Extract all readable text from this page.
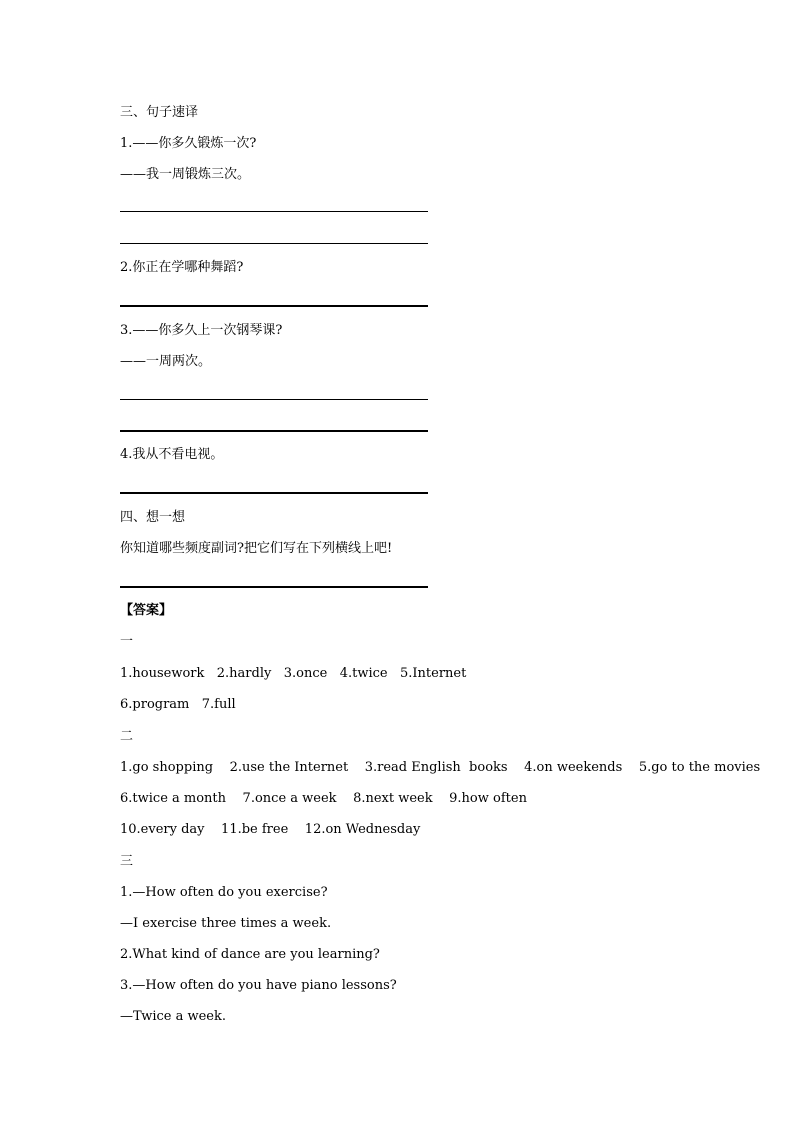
三、句子速译
1.——你多久锻炼一次?
——我一周锻炼三次。
2.你正在学哪种舞蹈?
3.——你多久上一次钢琴课?
——一周两次。
4.我从不看电视。
四、想一想
你知道哪些频度副词?把它们写在下列横线上吧!
【答案】
一
1.housework   2.hardly   3.once   4.twice   5.Internet
6.program   7.full
二
1.go shopping    2.use the Internet    3.read English  books    4.on weekends    5.go to the movies
6.twice a month    7.once a week    8.next week    9.how often
10.every day    11.be free    12.on Wednesday
三
1.—How often do you exercise?
—I exercise three times a week.
2.What kind of dance are you learning?
3.—How often do you have piano lessons?
—Twice a week.
